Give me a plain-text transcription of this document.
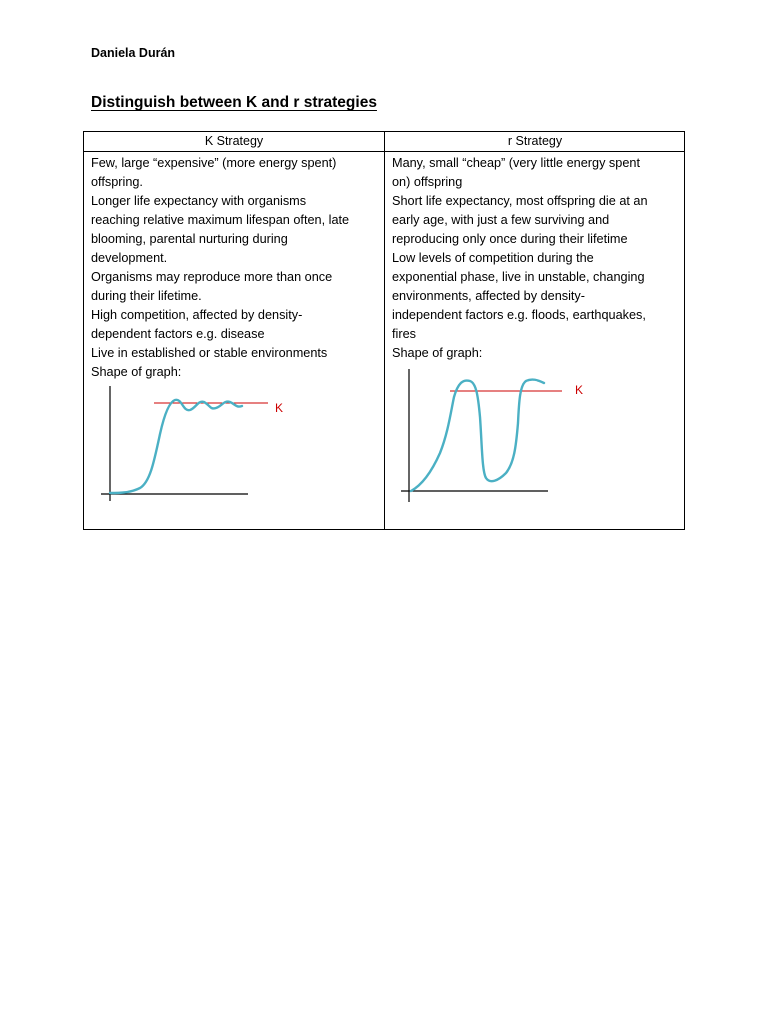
Daniela Durán
Distinguish between K and r strategies
K Strategy

Few, large “expensive” (more energy spent)

offspring.

Longer life expectancy with organisms

reaching relative maximum lifespan often, late

blooming, parental nurturing during

development.

Organisms may reproduce more than once

during their lifetime.

High competition, affected by density-

dependent factors e.g. disease

Live in established or stable environments

Shape of graph:

K
r Strategy

Many, small “cheap” (very little energy spent

on) offspring

Short life expectancy, most offspring die at an

early age, with just a few surviving and

reproducing only once during their lifetime

Low levels of competition during the

exponential phase, live in unstable, changing

environments, affected by density-

independent factors e.g. floods, earthquakes,

fires

Shape of graph:

K
